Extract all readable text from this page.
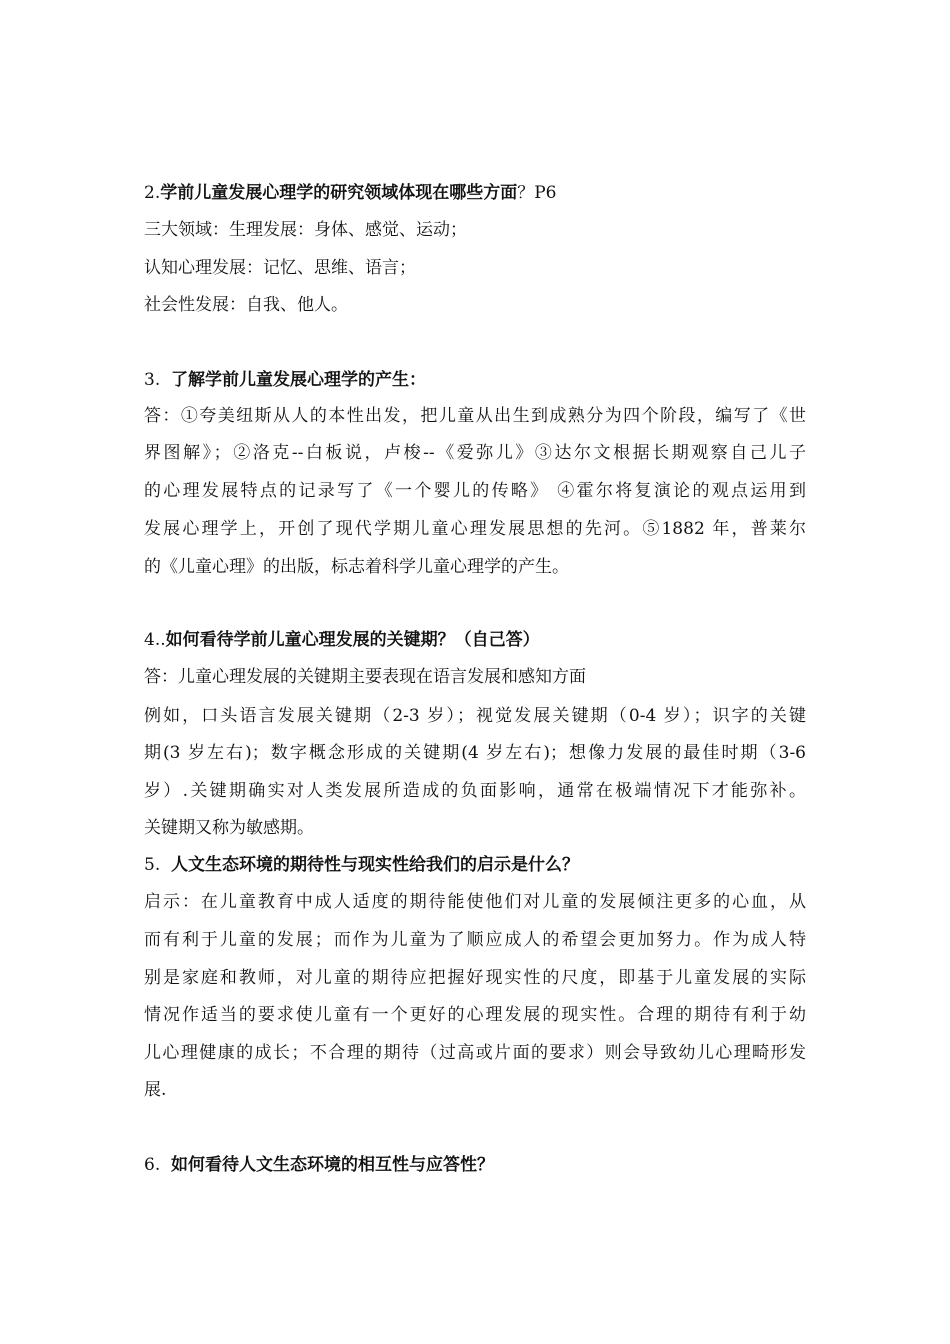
2.学前儿童发展心理学的研究领域体现在哪些方面？P6
三大领域：生理发展：身体、感觉、运动；
认知心理发展：记忆、思维、语言；
社会性发展：自我、他人。
3. 了解学前儿童发展心理学的产生：
答：①夸美纽斯从人的本性出发，把儿童从出生到成熟分为四个阶段，编写了《世
界图解》；②洛克--白板说，卢梭--《爱弥儿》③达尔文根据长期观察自己儿子
的心理发展特点的记录写了《一个婴儿的传略》 ④霍尔将复演论的观点运用到
发展心理学上，开创了现代学期儿童心理发展思想的先河。⑤1882 年，普莱尔
的《儿童心理》的出版，标志着科学儿童心理学的产生。
4..如何看待学前儿童心理发展的关键期？（自己答）
答：儿童心理发展的关键期主要表现在语言发展和感知方面
例如，口头语言发展关键期（2-3 岁）；视觉发展关键期（0-4 岁）；识字的关键
期(3 岁左右)；数字概念形成的关键期(4 岁左右)；想像力发展的最佳时期（3-6
岁）.关键期确实对人类发展所造成的负面影响，通常在极端情况下才能弥补。
关键期又称为敏感期。
5. 人文生态环境的期待性与现实性给我们的启示是什么？
启示：在儿童教育中成人适度的期待能使他们对儿童的发展倾注更多的心血，从
而有利于儿童的发展；而作为儿童为了顺应成人的希望会更加努力。作为成人特
别是家庭和教师，对儿童的期待应把握好现实性的尺度，即基于儿童发展的实际
情况作适当的要求使儿童有一个更好的心理发展的现实性。合理的期待有利于幼
儿心理健康的成长；不合理的期待（过高或片面的要求）则会导致幼儿心理畸形发
展.
6. 如何看待人文生态环境的相互性与应答性？
